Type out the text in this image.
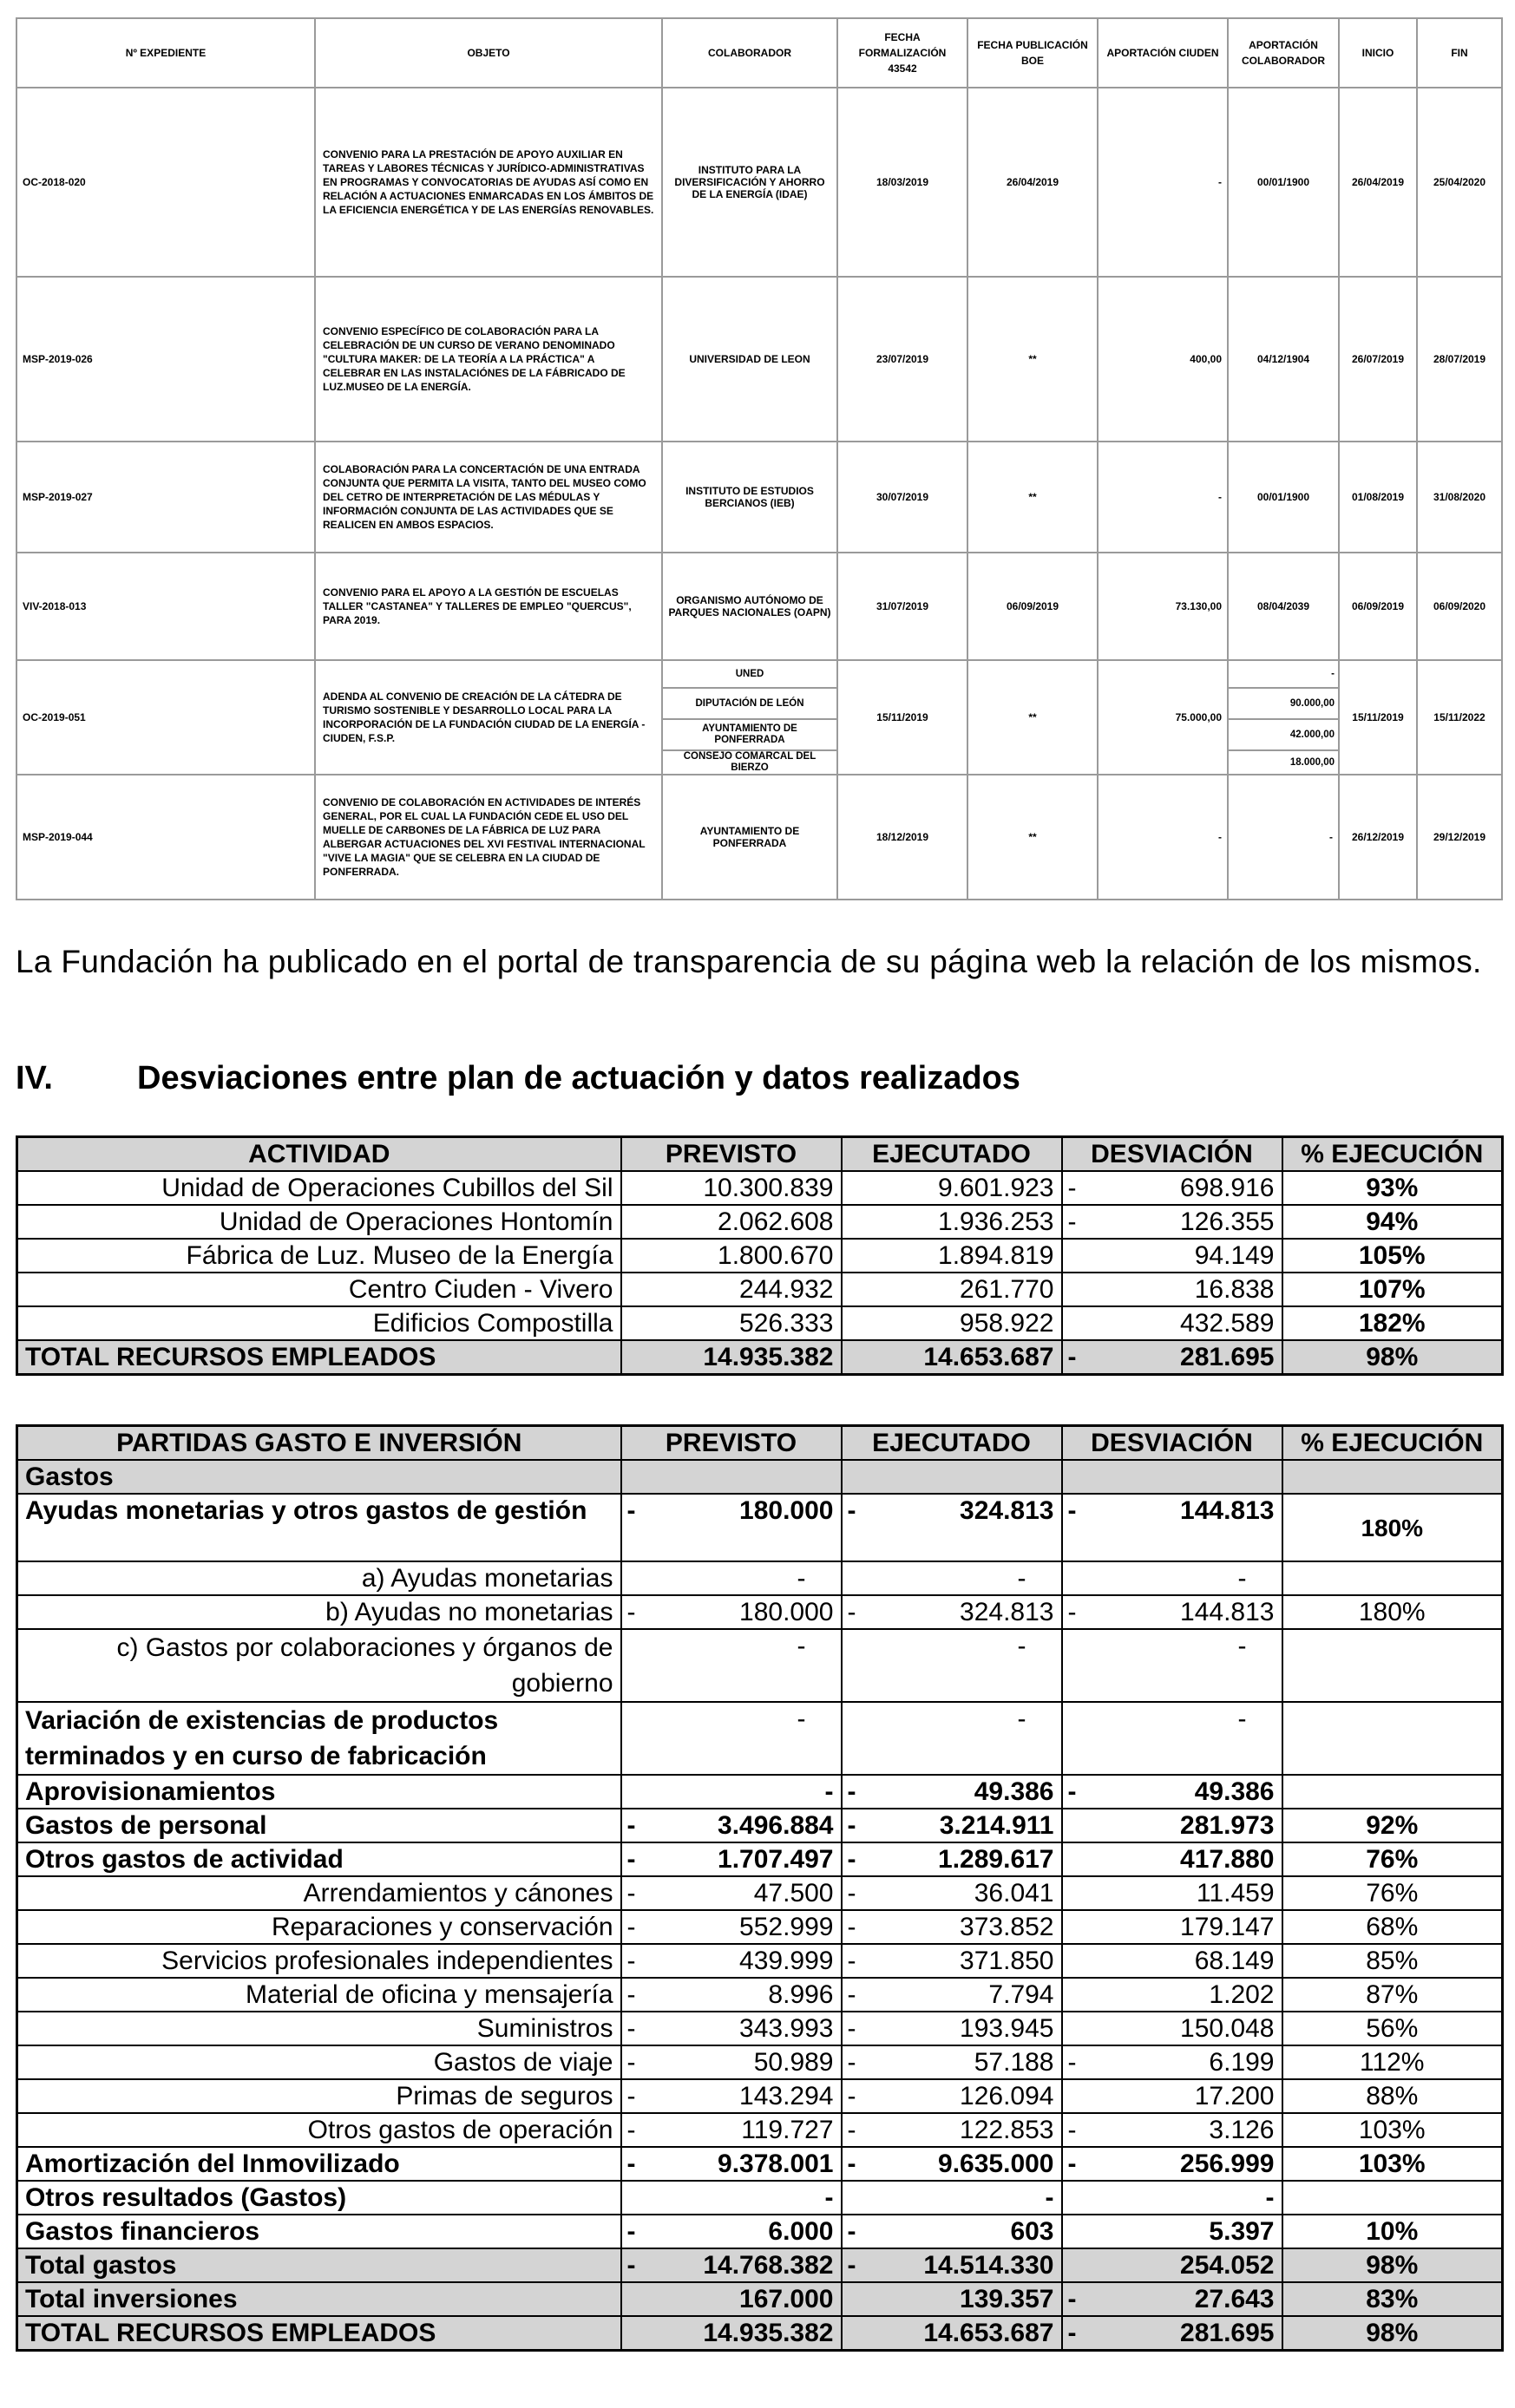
Nº EXPEDIENTE	OBJETO	COLABORADOR	FECHA FORMALIZACIÓN 43542	FECHA PUBLICACIÓN BOE	APORTACIÓN CIUDEN	APORTACIÓN COLABORADOR	INICIO	FIN
OC-2018-020	CONVENIO PARA LA PRESTACIÓN DE APOYO AUXILIAR EN TAREAS Y LABORES TÉCNICAS Y JURÍDICO-ADMINISTRATIVAS EN PROGRAMAS Y CONVOCATORIAS DE AYUDAS ASÍ COMO EN RELACIÓN A ACTUACIONES ENMARCADAS EN LOS ÁMBITOS DE LA EFICIENCIA ENERGÉTICA Y DE LAS ENERGÍAS RENOVABLES.	INSTITUTO PARA LA DIVERSIFICACIÓN Y AHORRO DE LA ENERGÍA (IDAE)	18/03/2019	26/04/2019	-	00/01/1900	26/04/2019	25/04/2020
MSP-2019-026	CONVENIO ESPECÍFICO DE COLABORACIÓN PARA LA CELEBRACIÓN DE UN CURSO DE VERANO DENOMINADO "CULTURA MAKER: DE LA TEORÍA A LA PRÁCTICA" A CELEBRAR EN LAS INSTALACIÓNES DE LA FÁBRICADO DE LUZ.MUSEO DE LA ENERGÍA.	UNIVERSIDAD DE LEON	23/07/2019	**	400,00	04/12/1904	26/07/2019	28/07/2019
MSP-2019-027	COLABORACIÓN PARA LA CONCERTACIÓN DE UNA ENTRADA CONJUNTA QUE PERMITA LA VISITA, TANTO DEL MUSEO COMO DEL CETRO DE INTERPRETACIÓN DE LAS MÉDULAS Y INFORMACIÓN CONJUNTA DE LAS ACTIVIDADES QUE SE REALICEN EN AMBOS ESPACIOS.	INSTITUTO DE ESTUDIOS BERCIANOS (IEB)	30/07/2019	**	-	00/01/1900	01/08/2019	31/08/2020
VIV-2018-013	CONVENIO PARA EL APOYO A LA GESTIÓN DE ESCUELAS TALLER "CASTANEA" Y TALLERES DE EMPLEO "QUERCUS", PARA 2019.	ORGANISMO AUTÓNOMO DE PARQUES NACIONALES (OAPN)	31/07/2019	06/09/2019	73.130,00	08/04/2039	06/09/2019	06/09/2020
OC-2019-051	ADENDA AL CONVENIO DE CREACIÓN DE LA CÁTEDRA DE TURISMO SOSTENIBLE Y DESARROLLO LOCAL PARA LA INCORPORACIÓN DE LA FUNDACIÓN CIUDAD DE LA ENERGÍA - CIUDEN, F.S.P.	UNED	15/11/2019	**	75.000,00	-	15/11/2019	15/11/2022
		DIPUTACIÓN DE LEÓN				90.000,00		
		AYUNTAMIENTO DE PONFERRADA				42.000,00		
		CONSEJO COMARCAL DEL BIERZO				18.000,00		
MSP-2019-044	CONVENIO DE COLABORACIÓN EN ACTIVIDADES DE INTERÉS GENERAL, POR EL CUAL LA FUNDACIÓN CEDE EL USO DEL MUELLE DE CARBONES DE LA FÁBRICA DE LUZ PARA ALBERGAR ACTUACIONES DEL XVI FESTIVAL INTERNACIONAL "VIVE LA MAGIA" QUE SE CELEBRA EN LA CIUDAD DE PONFERRADA.	AYUNTAMIENTO DE PONFERRADA	18/12/2019	**	-	-	26/12/2019	29/12/2019

La Fundación ha publicado en el portal de transparencia de su página web la relación de los mismos.

IV.	Desviaciones entre plan de actuación y datos realizados
ACTIVIDAD	PREVISTO	EJECUTADO	DESVIACIÓN	% EJECUCIÓN
Unidad de Operaciones Cubillos del Sil	10.300.839	9.601.923	- 698.916	93%
Unidad de Operaciones Hontomín	2.062.608	1.936.253	- 126.355	94%
Fábrica de Luz. Museo de la Energía	1.800.670	1.894.819	94.149	105%
Centro Ciuden - Vivero	244.932	261.770	16.838	107%
Edificios Compostilla	526.333	958.922	432.589	182%
TOTAL RECURSOS EMPLEADOS	14.935.382	14.653.687	- 281.695	98%
PARTIDAS GASTO E INVERSIÓN	PREVISTO	EJECUTADO	DESVIACIÓN	% EJECUCIÓN
Gastos				
Ayudas monetarias y otros gastos de gestión	- 180.000	- 324.813	- 144.813	180%
a) Ayudas monetarias	-	-	-	
b) Ayudas no monetarias	- 180.000	- 324.813	- 144.813	180%
c) Gastos por colaboraciones y órganos de gobierno	-	-	-	
Variación de existencias de productos terminados y en curso de fabricación	-	-	-	
Aprovisionamientos	-	- 49.386	- 49.386	
Gastos de personal	- 3.496.884	- 3.214.911	281.973	92%
Otros gastos de actividad	- 1.707.497	- 1.289.617	417.880	76%
Arrendamientos y cánones	- 47.500	- 36.041	11.459	76%
Reparaciones y conservación	- 552.999	- 373.852	179.147	68%
Servicios profesionales independientes	- 439.999	- 371.850	68.149	85%
Material de oficina y mensajería	- 8.996	- 7.794	1.202	87%
Suministros	- 343.993	- 193.945	150.048	56%
Gastos de viaje	- 50.989	- 57.188	- 6.199	112%
Primas de seguros	- 143.294	- 126.094	17.200	88%
Otros gastos de operación	- 119.727	- 122.853	- 3.126	103%
Amortización del Inmovilizado	- 9.378.001	- 9.635.000	- 256.999	103%
Otros resultados (Gastos)	-	-	-	
Gastos financieros	- 6.000	- 603	5.397	10%
Total gastos	- 14.768.382	- 14.514.330	254.052	98%
Total inversiones	167.000	139.357	- 27.643	83%
TOTAL RECURSOS EMPLEADOS	14.935.382	14.653.687	- 281.695	98%
